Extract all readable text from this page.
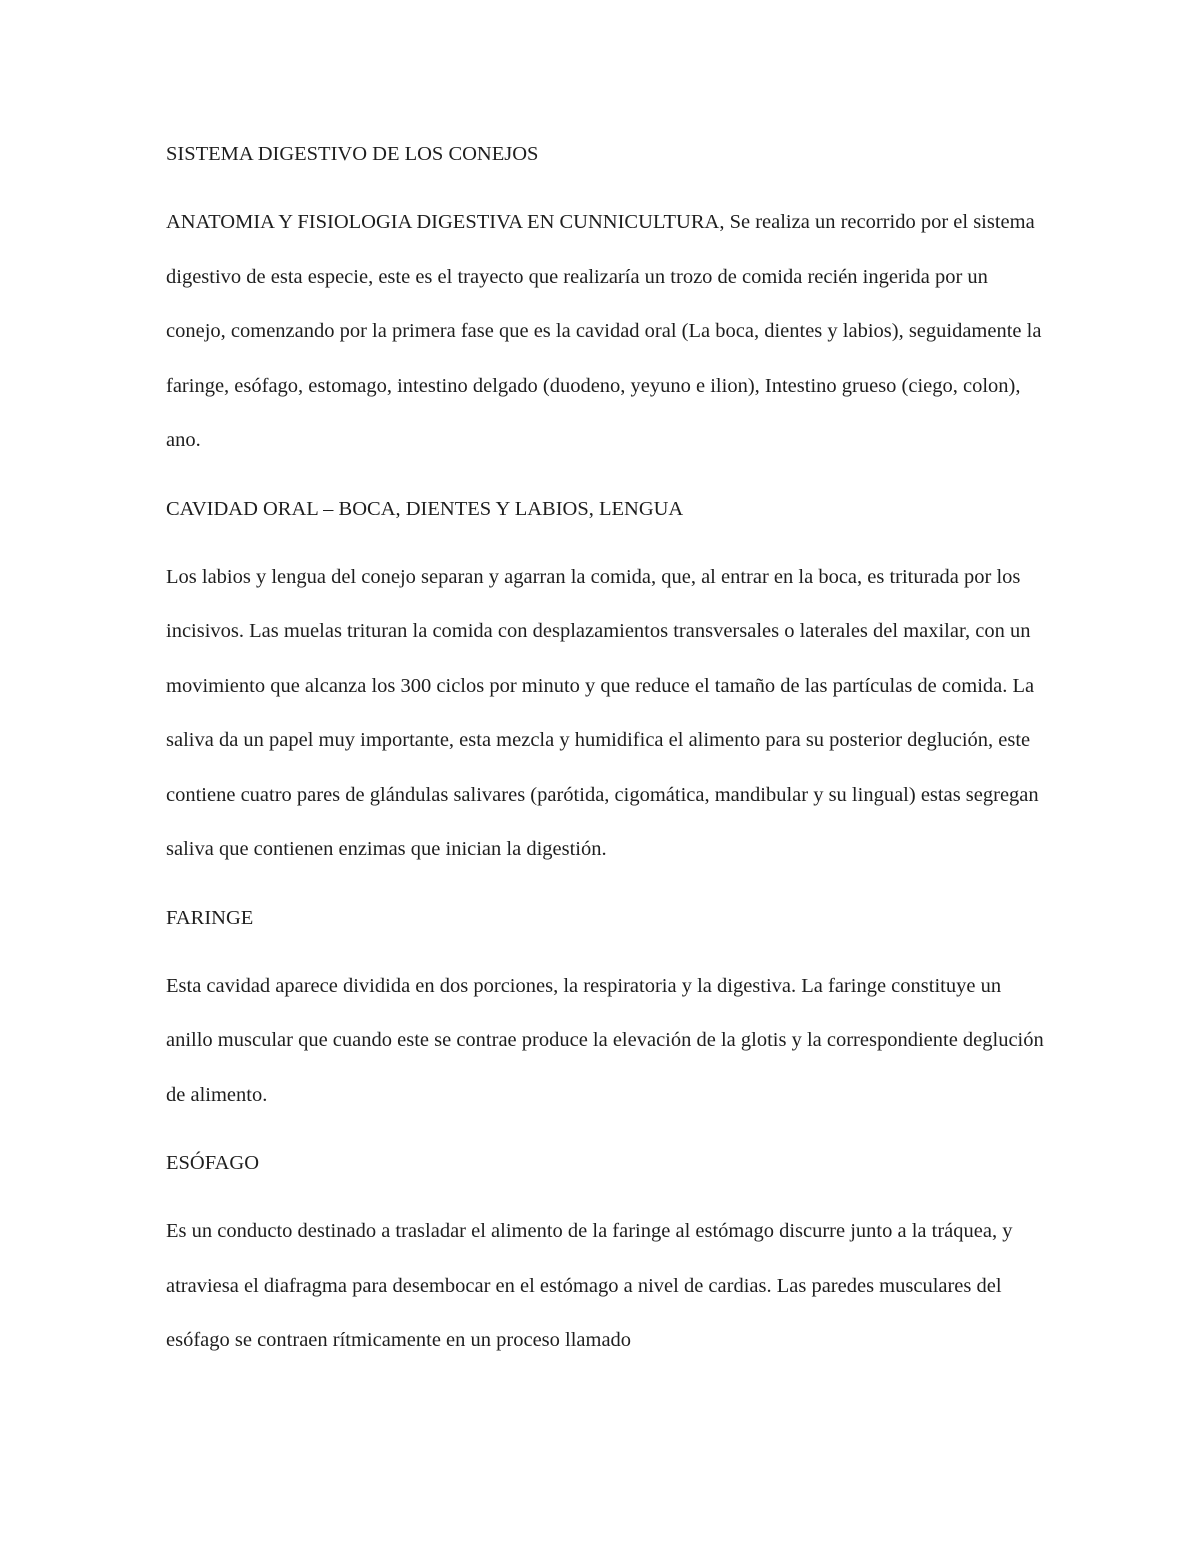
SISTEMA DIGESTIVO DE LOS CONEJOS

ANATOMIA Y FISIOLOGIA DIGESTIVA EN CUNNICULTURA, Se realiza un recorrido por el sistema digestivo de esta especie, este es el trayecto que realizaría un trozo de comida recién ingerida por un conejo, comenzando por la primera fase que es la cavidad oral (La boca, dientes y labios), seguidamente la faringe, esófago, estomago, intestino delgado (duodeno, yeyuno e ilion), Intestino grueso (ciego, colon), ano.

CAVIDAD ORAL – BOCA, DIENTES Y LABIOS, LENGUA

Los labios y lengua del conejo separan y agarran la comida, que, al entrar en la boca, es triturada por los incisivos. Las muelas trituran la comida con desplazamientos transversales o laterales del maxilar, con un movimiento que alcanza los 300 ciclos por minuto y que reduce el tamaño de las partículas de comida. La saliva da un papel muy importante, esta mezcla y humidifica el alimento para su posterior deglución, este contiene cuatro pares de glándulas salivares (parótida, cigomática, mandibular y su lingual) estas segregan saliva que contienen enzimas que inician la digestión.

FARINGE

Esta cavidad aparece dividida en dos porciones, la respiratoria y la digestiva. La faringe constituye un anillo muscular que cuando este se contrae produce la elevación de la glotis y la correspondiente deglución de alimento.

ESÓFAGO

Es un conducto destinado a trasladar el alimento de la faringe al estómago discurre junto a la tráquea, y atraviesa el diafragma para desembocar en el estómago a nivel de cardias. Las paredes musculares del esófago se contraen rítmicamente en un proceso llamado
